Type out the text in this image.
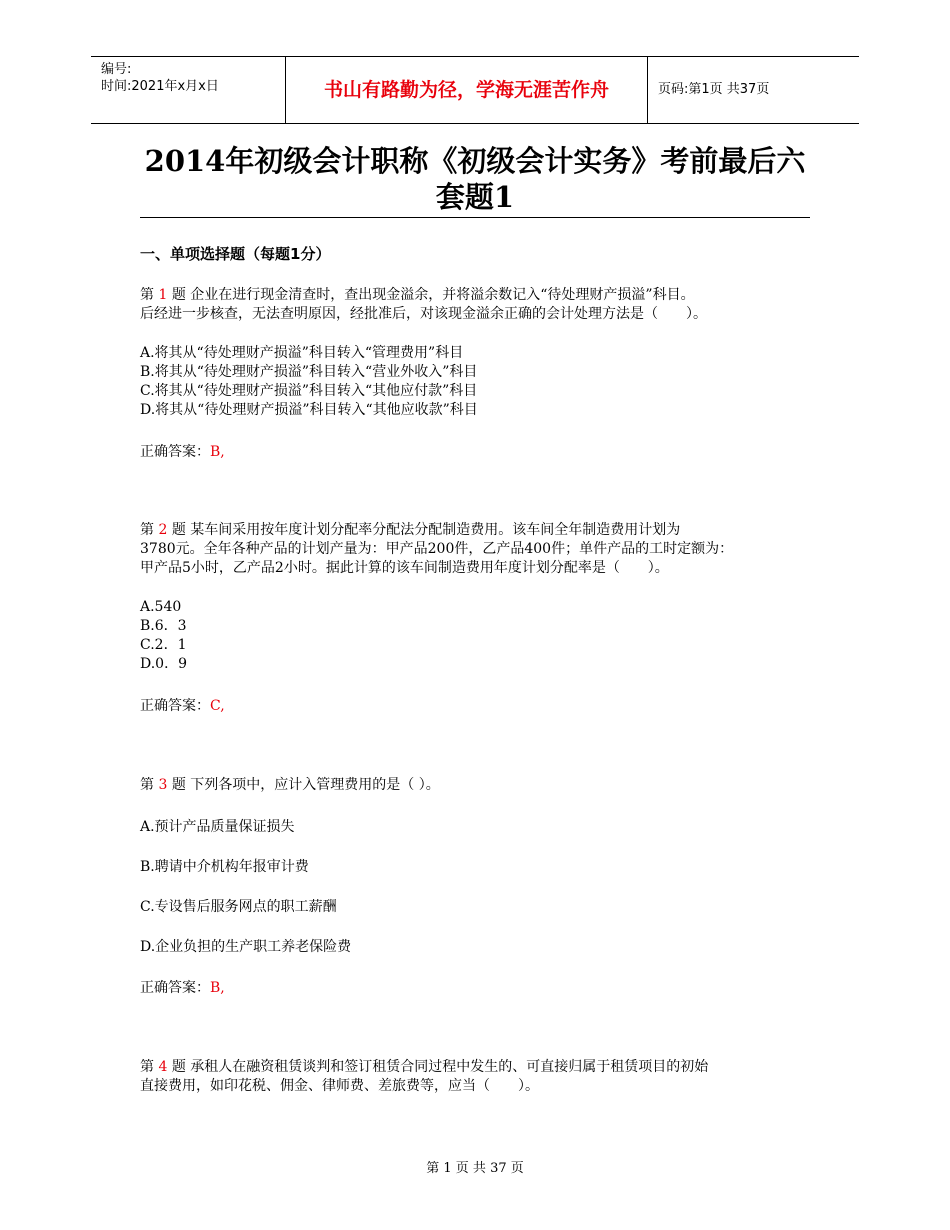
编号:
时间:2021年x月x日	书山有路勤为径，学海无涯苦作舟	页码:第1页 共37页
2014年初级会计职称《初级会计实务》考前最后六套题1
一、单项选择题（每题1分）
第 1 题 企业在进行现金清查时，查出现金溢余，并将溢余数记入“待处理财产损溢”科目。
后经进一步核查，无法查明原因，经批准后，对该现金溢余正确的会计处理方法是（　　）。
A.将其从“待处理财产损溢”科目转入“管理费用”科目
B.将其从“待处理财产损溢”科目转入“营业外收入”科目
C.将其从“待处理财产损溢”科目转入“其他应付款”科目
D.将其从“待处理财产损溢”科目转入“其他应收款”科目
正确答案：B,
第 2 题 某车间采用按年度计划分配率分配法分配制造费用。该车间全年制造费用计划为
3780元。全年各种产品的计划产量为：甲产品200件，乙产品400件；单件产品的工时定额为：
甲产品5小时，乙产品2小时。据此计算的该车间制造费用年度计划分配率是（　　）。
A.540
B.6．3
C.2．1
D.0．9
正确答案：C,
第 3 题 下列各项中，应计入管理费用的是（ ）。
A.预计产品质量保证损失
B.聘请中介机构年报审计费
C.专设售后服务网点的职工薪酬
D.企业负担的生产职工养老保险费
正确答案：B,
第 4 题 承租人在融资租赁谈判和签订租赁合同过程中发生的、可直接归属于租赁项目的初始
直接费用，如印花税、佣金、律师费、差旅费等，应当（　　）。
第 1 页 共 37 页
